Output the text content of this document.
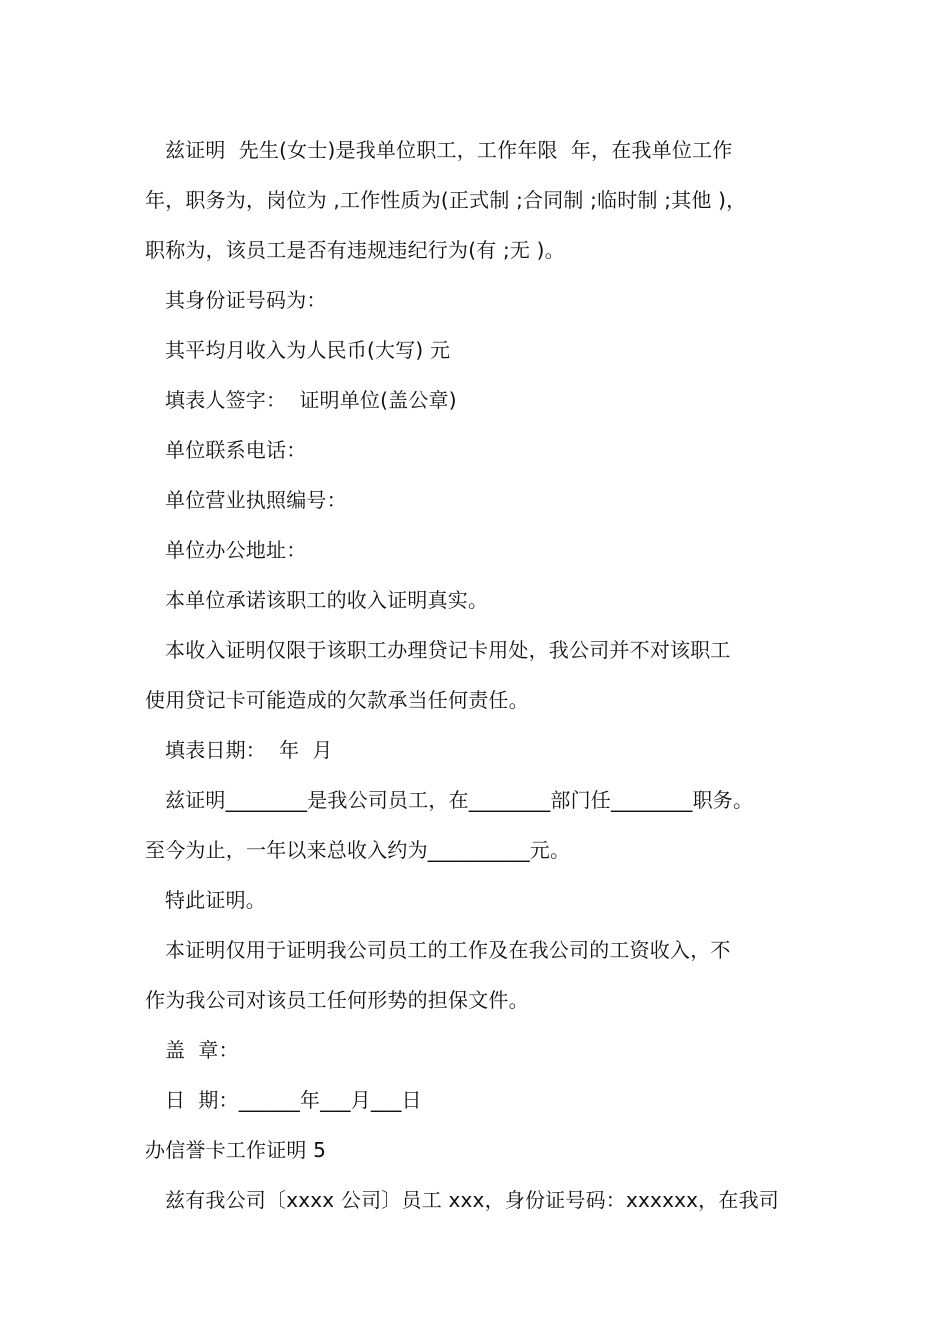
兹证明  先生(女士)是我单位职工，工作年限  年，在我单位工作
年，职务为，岗位为 ,工作性质为(正式制 ;合同制 ;临时制 ;其他 )，
职称为，该员工是否有违规违纪行为(有 ;无 )。
其身份证号码为：
其平均月收入为人民币(大写) 元
填表人签字：  证明单位(盖公章)
单位联系电话：
单位营业执照编号：
单位办公地址：
本单位承诺该职工的收入证明真实。
本收入证明仅限于该职工办理贷记卡用处，我公司并不对该职工
使用贷记卡可能造成的欠款承当任何责任。
填表日期：  年  月
兹证明________是我公司员工，在________部门任________职务。
至今为止，一年以来总收入约为__________元。
特此证明。
本证明仅用于证明我公司员工的工作及在我公司的工资收入，不
作为我公司对该员工任何形势的担保文件。
盖  章：
日  期：______年___月___日
办信誉卡工作证明 5
兹有我公司〔xxxx 公司〕员工 xxx，身份证号码：xxxxxx，在我司
